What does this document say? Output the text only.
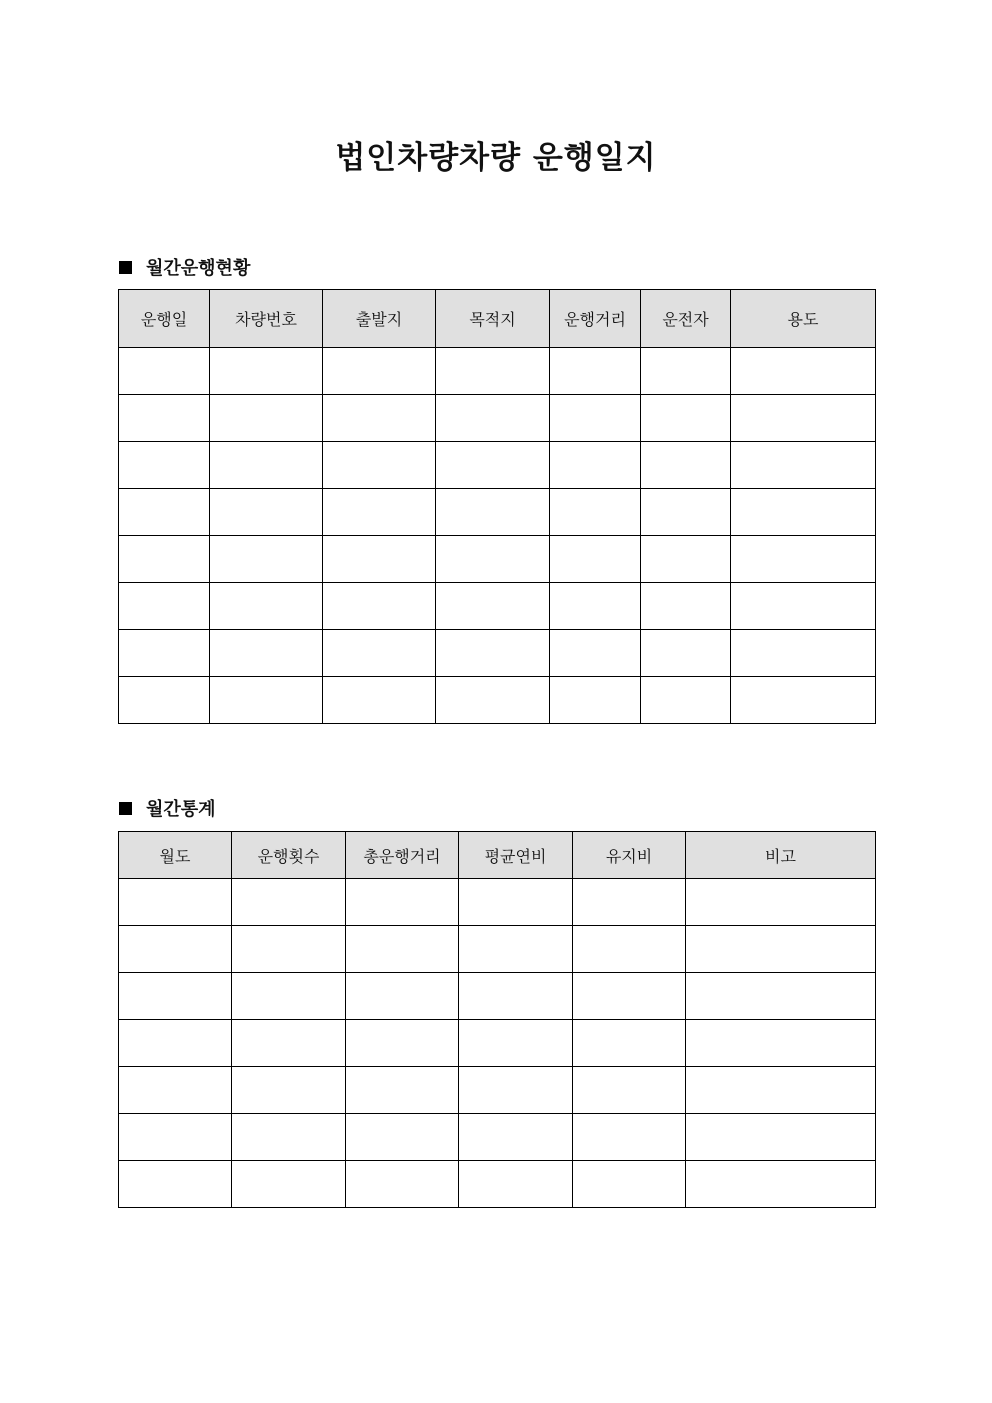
법인차량차량 운행일지
월간운행현황
운행일	차량번호	출발지	목적지	운행거리	운전자	용도

월간통계
월도	운행횟수	총운행거리	평균연비	유지비	비고
